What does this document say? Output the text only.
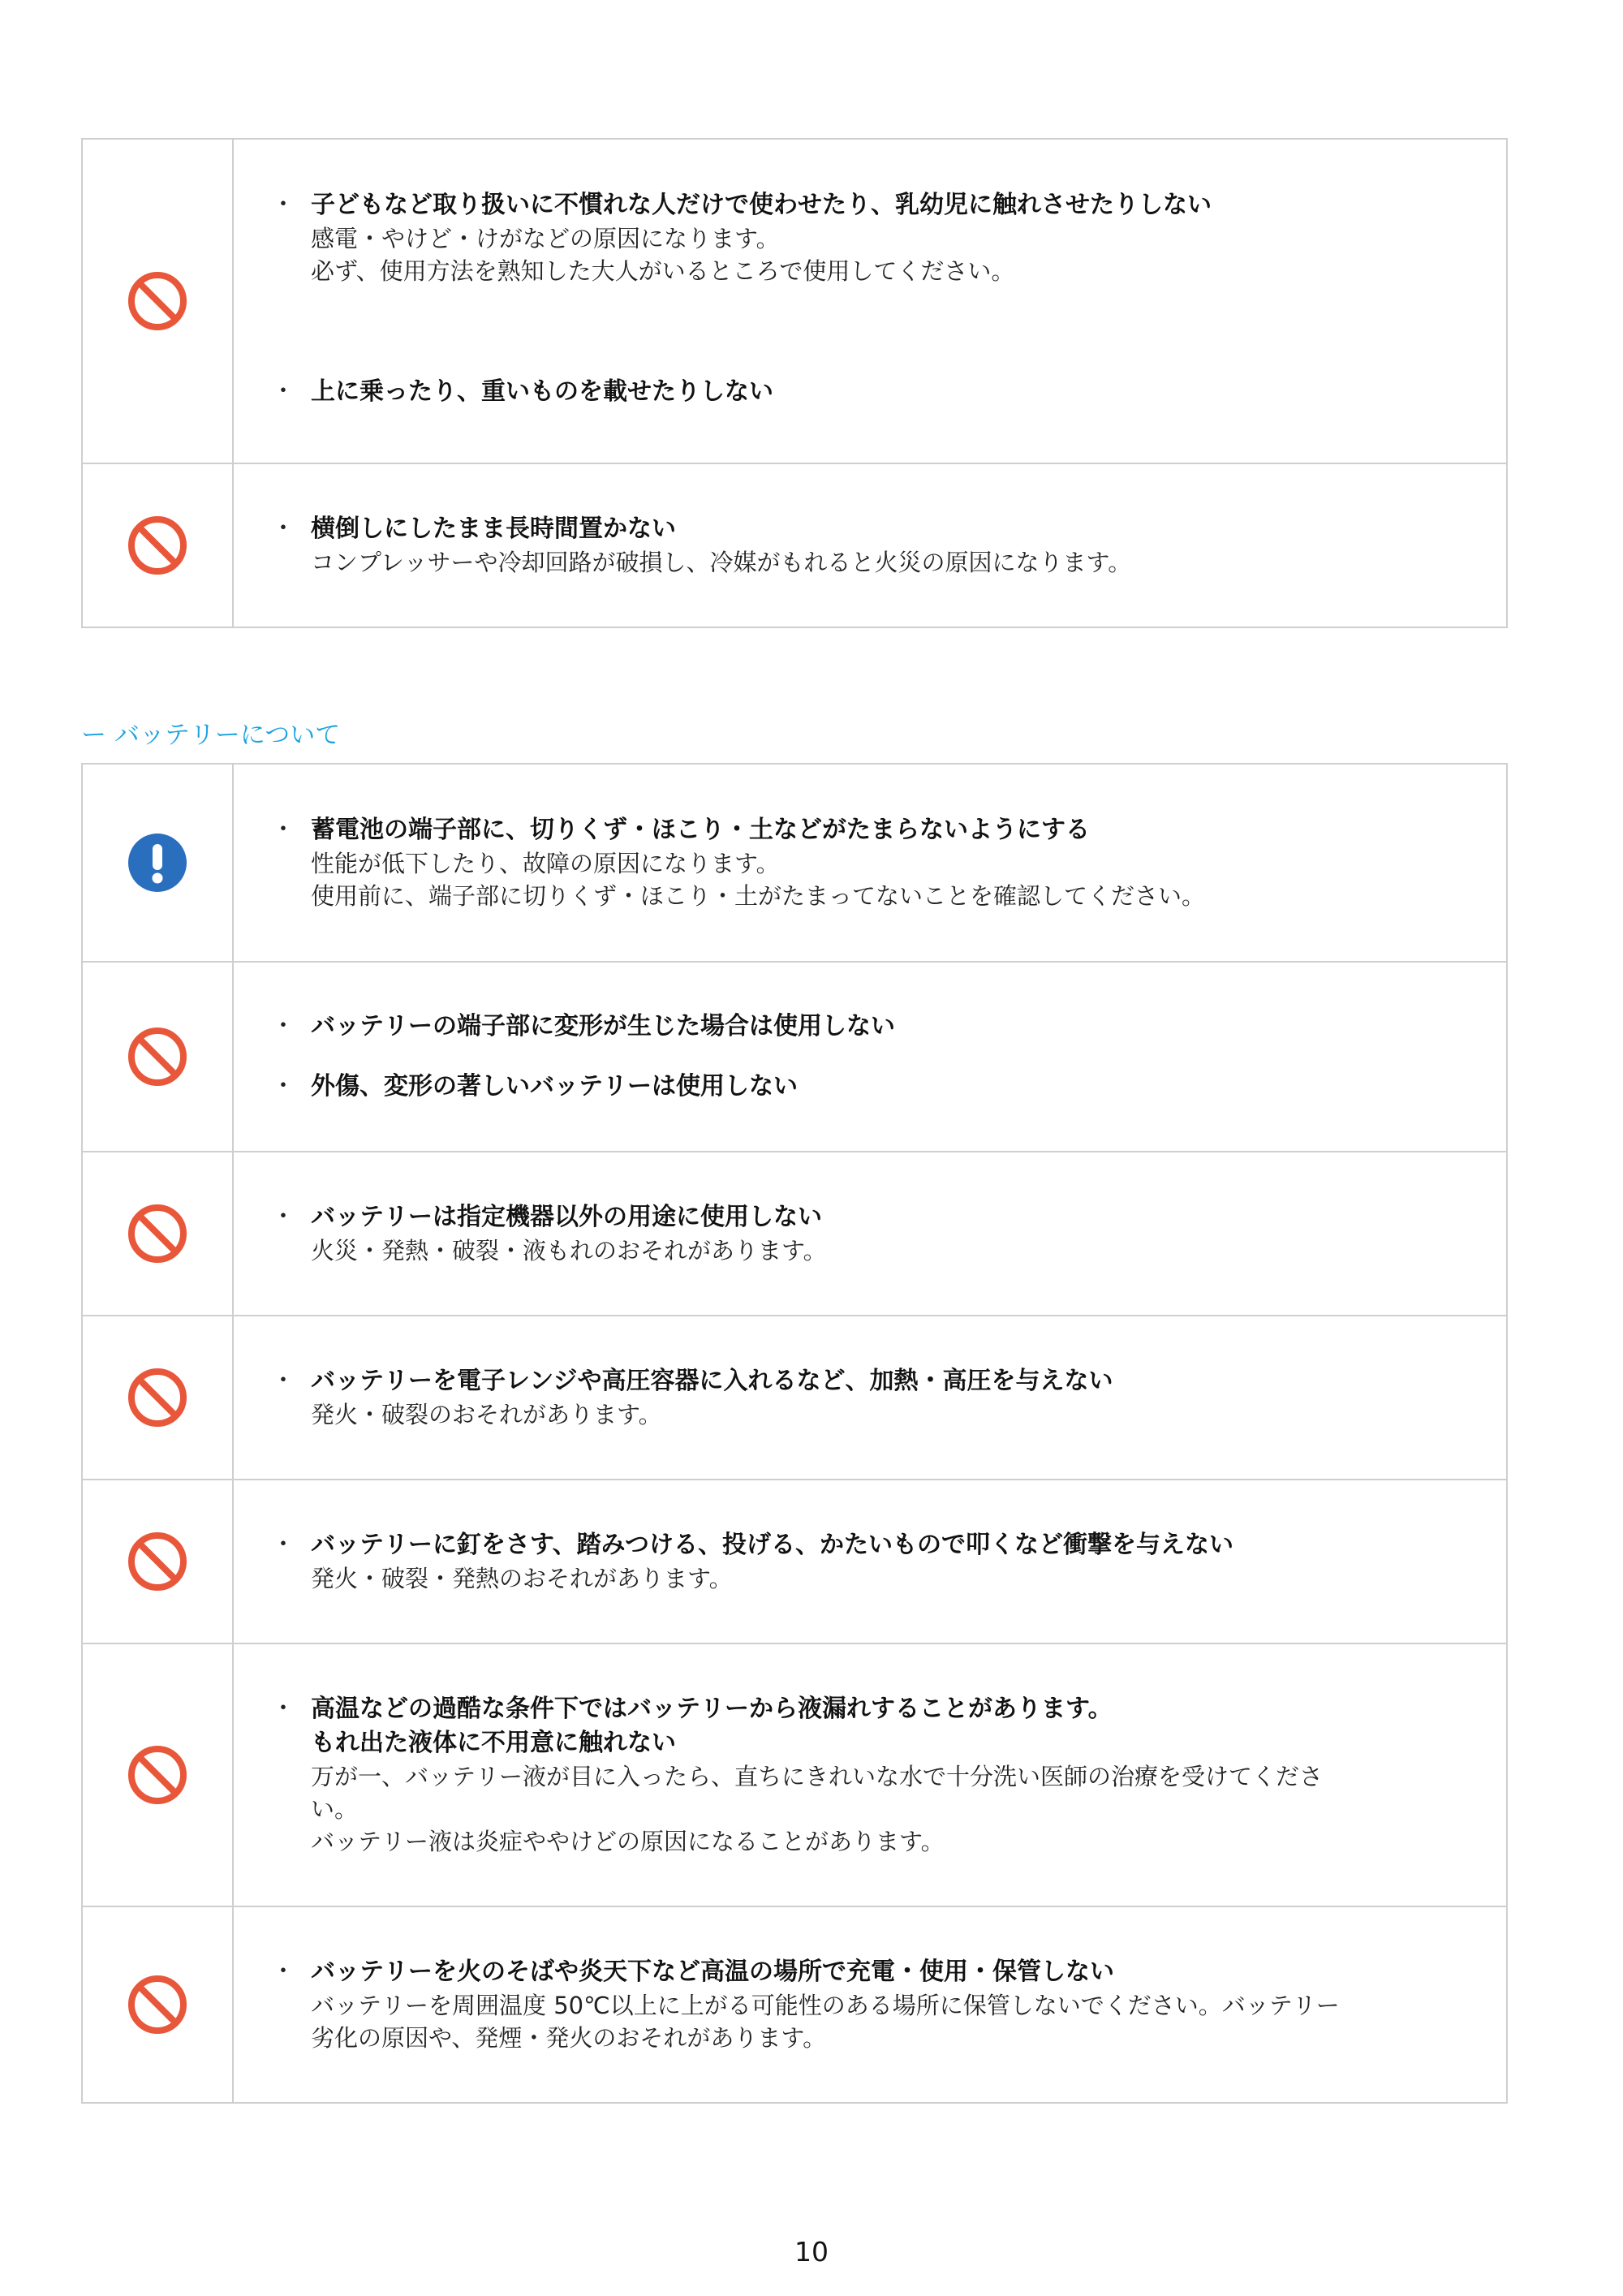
・ 子どもなど取り扱いに不慣れな人だけで使わせたり、乳幼児に触れさせたりしない
感電・やけど・けがなどの原因になります。
必ず、使用方法を熟知した大人がいるところで使用してください。
・ 上に乗ったり、重いものを載せたりしない
・ 横倒しにしたまま長時間置かない
コンプレッサーや冷却回路が破損し、冷媒がもれると火災の原因になります。
ー バッテリーについて
・ 蓄電池の端子部に、切りくず・ほこり・土などがたまらないようにする
性能が低下したり、故障の原因になります。
使用前に、端子部に切りくず・ほこり・土がたまってないことを確認してください。
・ バッテリーの端子部に変形が生じた場合は使用しない
・ 外傷、変形の著しいバッテリーは使用しない
・ バッテリーは指定機器以外の用途に使用しない
火災・発熱・破裂・液もれのおそれがあります。
・ バッテリーを電子レンジや高圧容器に入れるなど、加熱・高圧を与えない
発火・破裂のおそれがあります。
・ バッテリーに釘をさす、踏みつける、投げる、かたいもので叩くなど衝撃を与えない
発火・破裂・発熱のおそれがあります。
・ 高温などの過酷な条件下ではバッテリーから液漏れすることがあります。
もれ出た液体に不用意に触れない
万が一、バッテリー液が目に入ったら、直ちにきれいな水で十分洗い医師の治療を受けてくださ
い。
バッテリー液は炎症ややけどの原因になることがあります。
・ バッテリーを火のそばや炎天下など高温の場所で充電・使用・保管しない
バッテリーを周囲温度 50℃以上に上がる可能性のある場所に保管しないでください。バッテリー
劣化の原因や、発煙・発火のおそれがあります。
10
